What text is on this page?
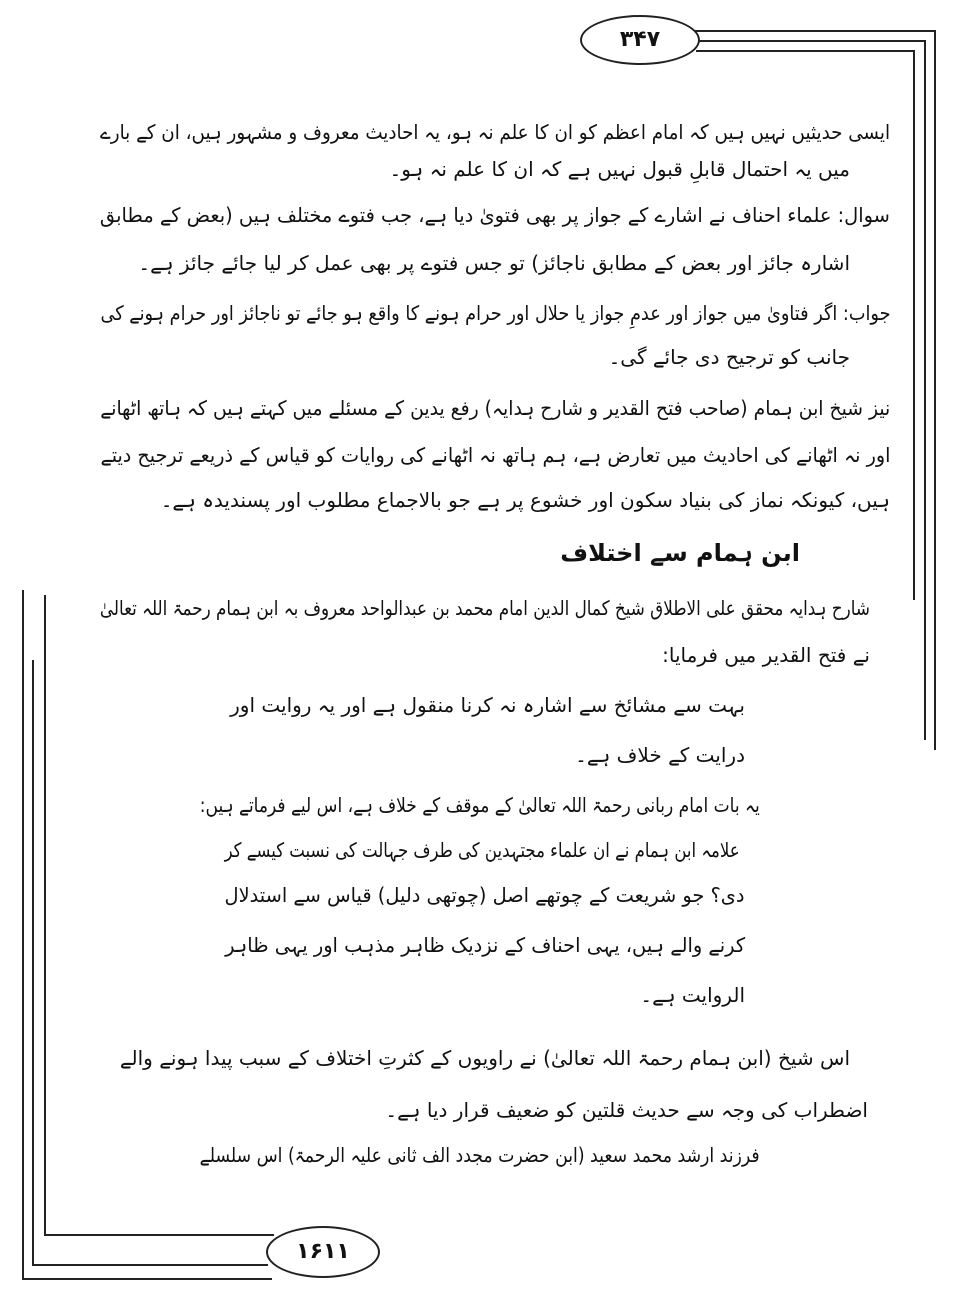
۳۴۷
۱۶۱۱
ایسی حدیثیں نہیں ہیں کہ امام اعظم کو ان کا علم نہ ہو، یہ احادیث معروف و مشہور ہیں، ان کے بارے
میں یہ احتمال قابلِ قبول نہیں ہے کہ ان کا علم نہ ہو۔
سوال: علماء احناف نے اشارے کے جواز پر بھی فتویٰ دیا ہے، جب فتوے مختلف ہیں (بعض کے مطابق
اشارہ جائز اور بعض کے مطابق ناجائز) تو جس فتوے پر بھی عمل کر لیا جائے جائز ہے۔
جواب: اگر فتاویٰ میں جواز اور عدمِ جواز یا حلال اور حرام ہونے کا واقع ہو جائے تو ناجائز اور حرام ہونے کی
جانب کو ترجیح دی جائے گی۔
نیز شیخ ابن ہمام (صاحب فتح القدیر و شارح ہدایہ) رفع یدین کے مسئلے میں کہتے ہیں کہ ہاتھ اٹھانے
اور نہ اٹھانے کی احادیث میں تعارض ہے، ہم ہاتھ نہ اٹھانے کی روایات کو قیاس کے ذریعے ترجیح دیتے
ہیں، کیونکہ نماز کی بنیاد سکون اور خشوع پر ہے جو بالاجماع مطلوب اور پسندیدہ ہے۔
ابن ہمام سے اختلاف
شارح ہدایہ محقق علی الاطلاق شیخ کمال الدین امام محمد بن عبدالواحد معروف بہ ابن ہمام رحمۃ اللہ تعالیٰ
نے فتح القدیر میں فرمایا:
بہت سے مشائخ سے اشارہ نہ کرنا منقول ہے اور یہ روایت اور
درایت کے خلاف ہے۔
یہ بات امام ربانی رحمۃ اللہ تعالیٰ کے موقف کے خلاف ہے، اس لیے فرماتے ہیں:
علامہ ابن ہمام نے ان علماء مجتہدین کی طرف جہالت کی نسبت کیسے کر
دی؟ جو شریعت کے چوتھے اصل (چوتھی دلیل) قیاس سے استدلال
کرنے والے ہیں، یہی احناف کے نزدیک ظاہر مذہب اور یہی ظاہر
الروایت ہے۔
اس شیخ (ابن ہمام رحمۃ اللہ تعالیٰ) نے راویوں کے کثرتِ اختلاف کے سبب پیدا ہونے والے
اضطراب کی وجہ سے حدیث قلتین کو ضعیف قرار دیا ہے۔
فرزند ارشد محمد سعید (ابن حضرت مجدد الف ثانی علیہ الرحمۃ) اس سلسلے
